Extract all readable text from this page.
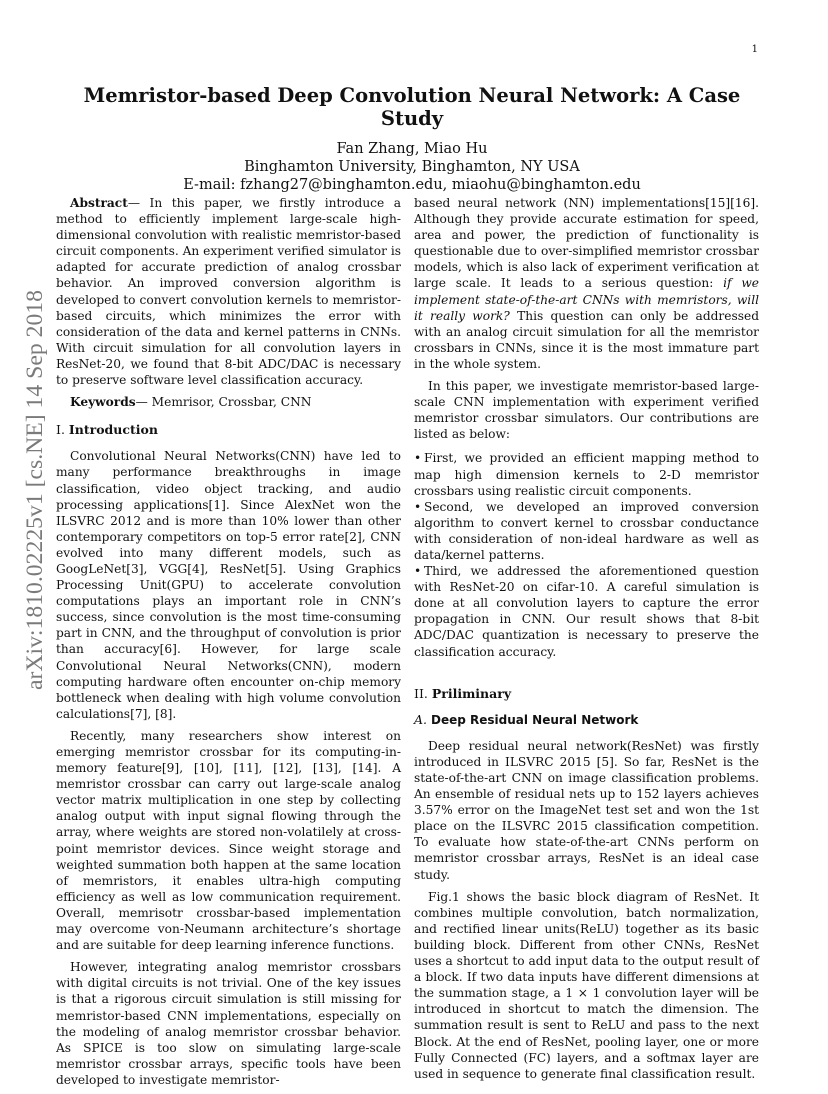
1
arXiv:1810.02225v1 [cs.NE] 14 Sep 2018
Memristor-based Deep Convolution Neural Network: A Case Study
Fan Zhang, Miao Hu
Binghamton University, Binghamton, NY USA
E-mail: fzhang27@binghamton.edu, miaohu@binghamton.edu

Abstract— In this paper, we firstly introduce a method to efficiently implement large-scale high-dimensional convolution with realistic memristor-based circuit components. An experiment verified simulator is adapted for accurate prediction of analog crossbar behavior. An improved conversion algorithm is developed to convert convolution kernels to memristor-based circuits, which minimizes the error with consideration of the data and kernel patterns in CNNs. With circuit simulation for all convolution layers in ResNet-20, we found that 8-bit ADC/DAC is necessary to preserve software level classification accuracy.

Keywords— Memrisor, Crossbar, CNN

I. Introduction

Convolutional Neural Networks(CNN) have led to many performance breakthroughs in image classification, video object tracking, and audio processing applications[1]. Since AlexNet won the ILSVRC 2012 and is more than 10% lower than other contemporary competitors on top-5 error rate[2], CNN evolved into many different models, such as GoogLeNet[3], VGG[4], ResNet[5]. Using Graphics Processing Unit(GPU) to accelerate convolution computations plays an important role in CNN’s success, since convolution is the most time-consuming part in CNN, and the throughput of convolution is prior than accuracy[6]. However, for large scale Convolutional Neural Networks(CNN), modern computing hardware often encounter on-chip memory bottleneck when dealing with high volume convolution calculations[7], [8].

Recently, many researchers show interest on emerging memristor crossbar for its computing-in-memory feature[9], [10], [11], [12], [13], [14]. A memristor crossbar can carry out large-scale analog vector matrix multiplication in one step by collecting analog output with input signal flowing through the array, where weights are stored non-volatilely at cross-point memristor devices. Since weight storage and weighted summation both happen at the same location of memristors, it enables ultra-high computing efficiency as well as low communication requirement. Overall, memrisotr crossbar-based implementation may overcome von-Neumann architecture’s shortage and are suitable for deep learning inference functions.

However, integrating analog memristor crossbars with digital circuits is not trivial. One of the key issues is that a rigorous circuit simulation is still missing for memristor-based CNN implementations, especially on the modeling of analog memristor crossbar behavior. As SPICE is too slow on simulating large-scale memristor crossbar arrays, specific tools have been developed to investigate memristor-

based neural network (NN) implementations[15][16]. Although they provide accurate estimation for speed, area and power, the prediction of functionality is questionable due to over-simplified memristor crossbar models, which is also lack of experiment verification at large scale. It leads to a serious question: if we implement state-of-the-art CNNs with memristors, will it really work? This question can only be addressed with an analog circuit simulation for all the memristor crossbars in CNNs, since it is the most immature part in the whole system.

In this paper, we investigate memristor-based large-scale CNN implementation with experiment verified memristor crossbar simulators. Our contributions are listed as below:

• First, we provided an efficient mapping method to map high dimension kernels to 2-D memristor crossbars using realistic circuit components.
• Second, we developed an improved conversion algorithm to convert kernel to crossbar conductance with consideration of non-ideal hardware as well as data/kernel patterns.
• Third, we addressed the aforementioned question with ResNet-20 on cifar-10. A careful simulation is done at all convolution layers to capture the error propagation in CNN. Our result shows that 8-bit ADC/DAC quantization is necessary to preserve the classification accuracy.
II. Priliminary
A. Deep Residual Neural Network

Deep residual neural network(ResNet) was firstly introduced in ILSVRC 2015 [5]. So far, ResNet is the state-of-the-art CNN on image classification problems. An ensemble of residual nets up to 152 layers achieves 3.57% error on the ImageNet test set and won the 1st place on the ILSVRC 2015 classification competition. To evaluate how state-of-the-art CNNs perform on memristor crossbar arrays, ResNet is an ideal case study.

Fig.1 shows the basic block diagram of ResNet. It combines multiple convolution, batch normalization, and rectified linear units(ReLU) together as its basic building block. Different from other CNNs, ResNet uses a shortcut to add input data to the output result of a block. If two data inputs have different dimensions at the summation stage, a 1 × 1 convolution layer will be introduced in shortcut to match the dimension. The summation result is sent to ReLU and pass to the next Block. At the end of ResNet, pooling layer, one or more Fully Connected (FC) layers, and a softmax layer are used in sequence to generate final classification result.
